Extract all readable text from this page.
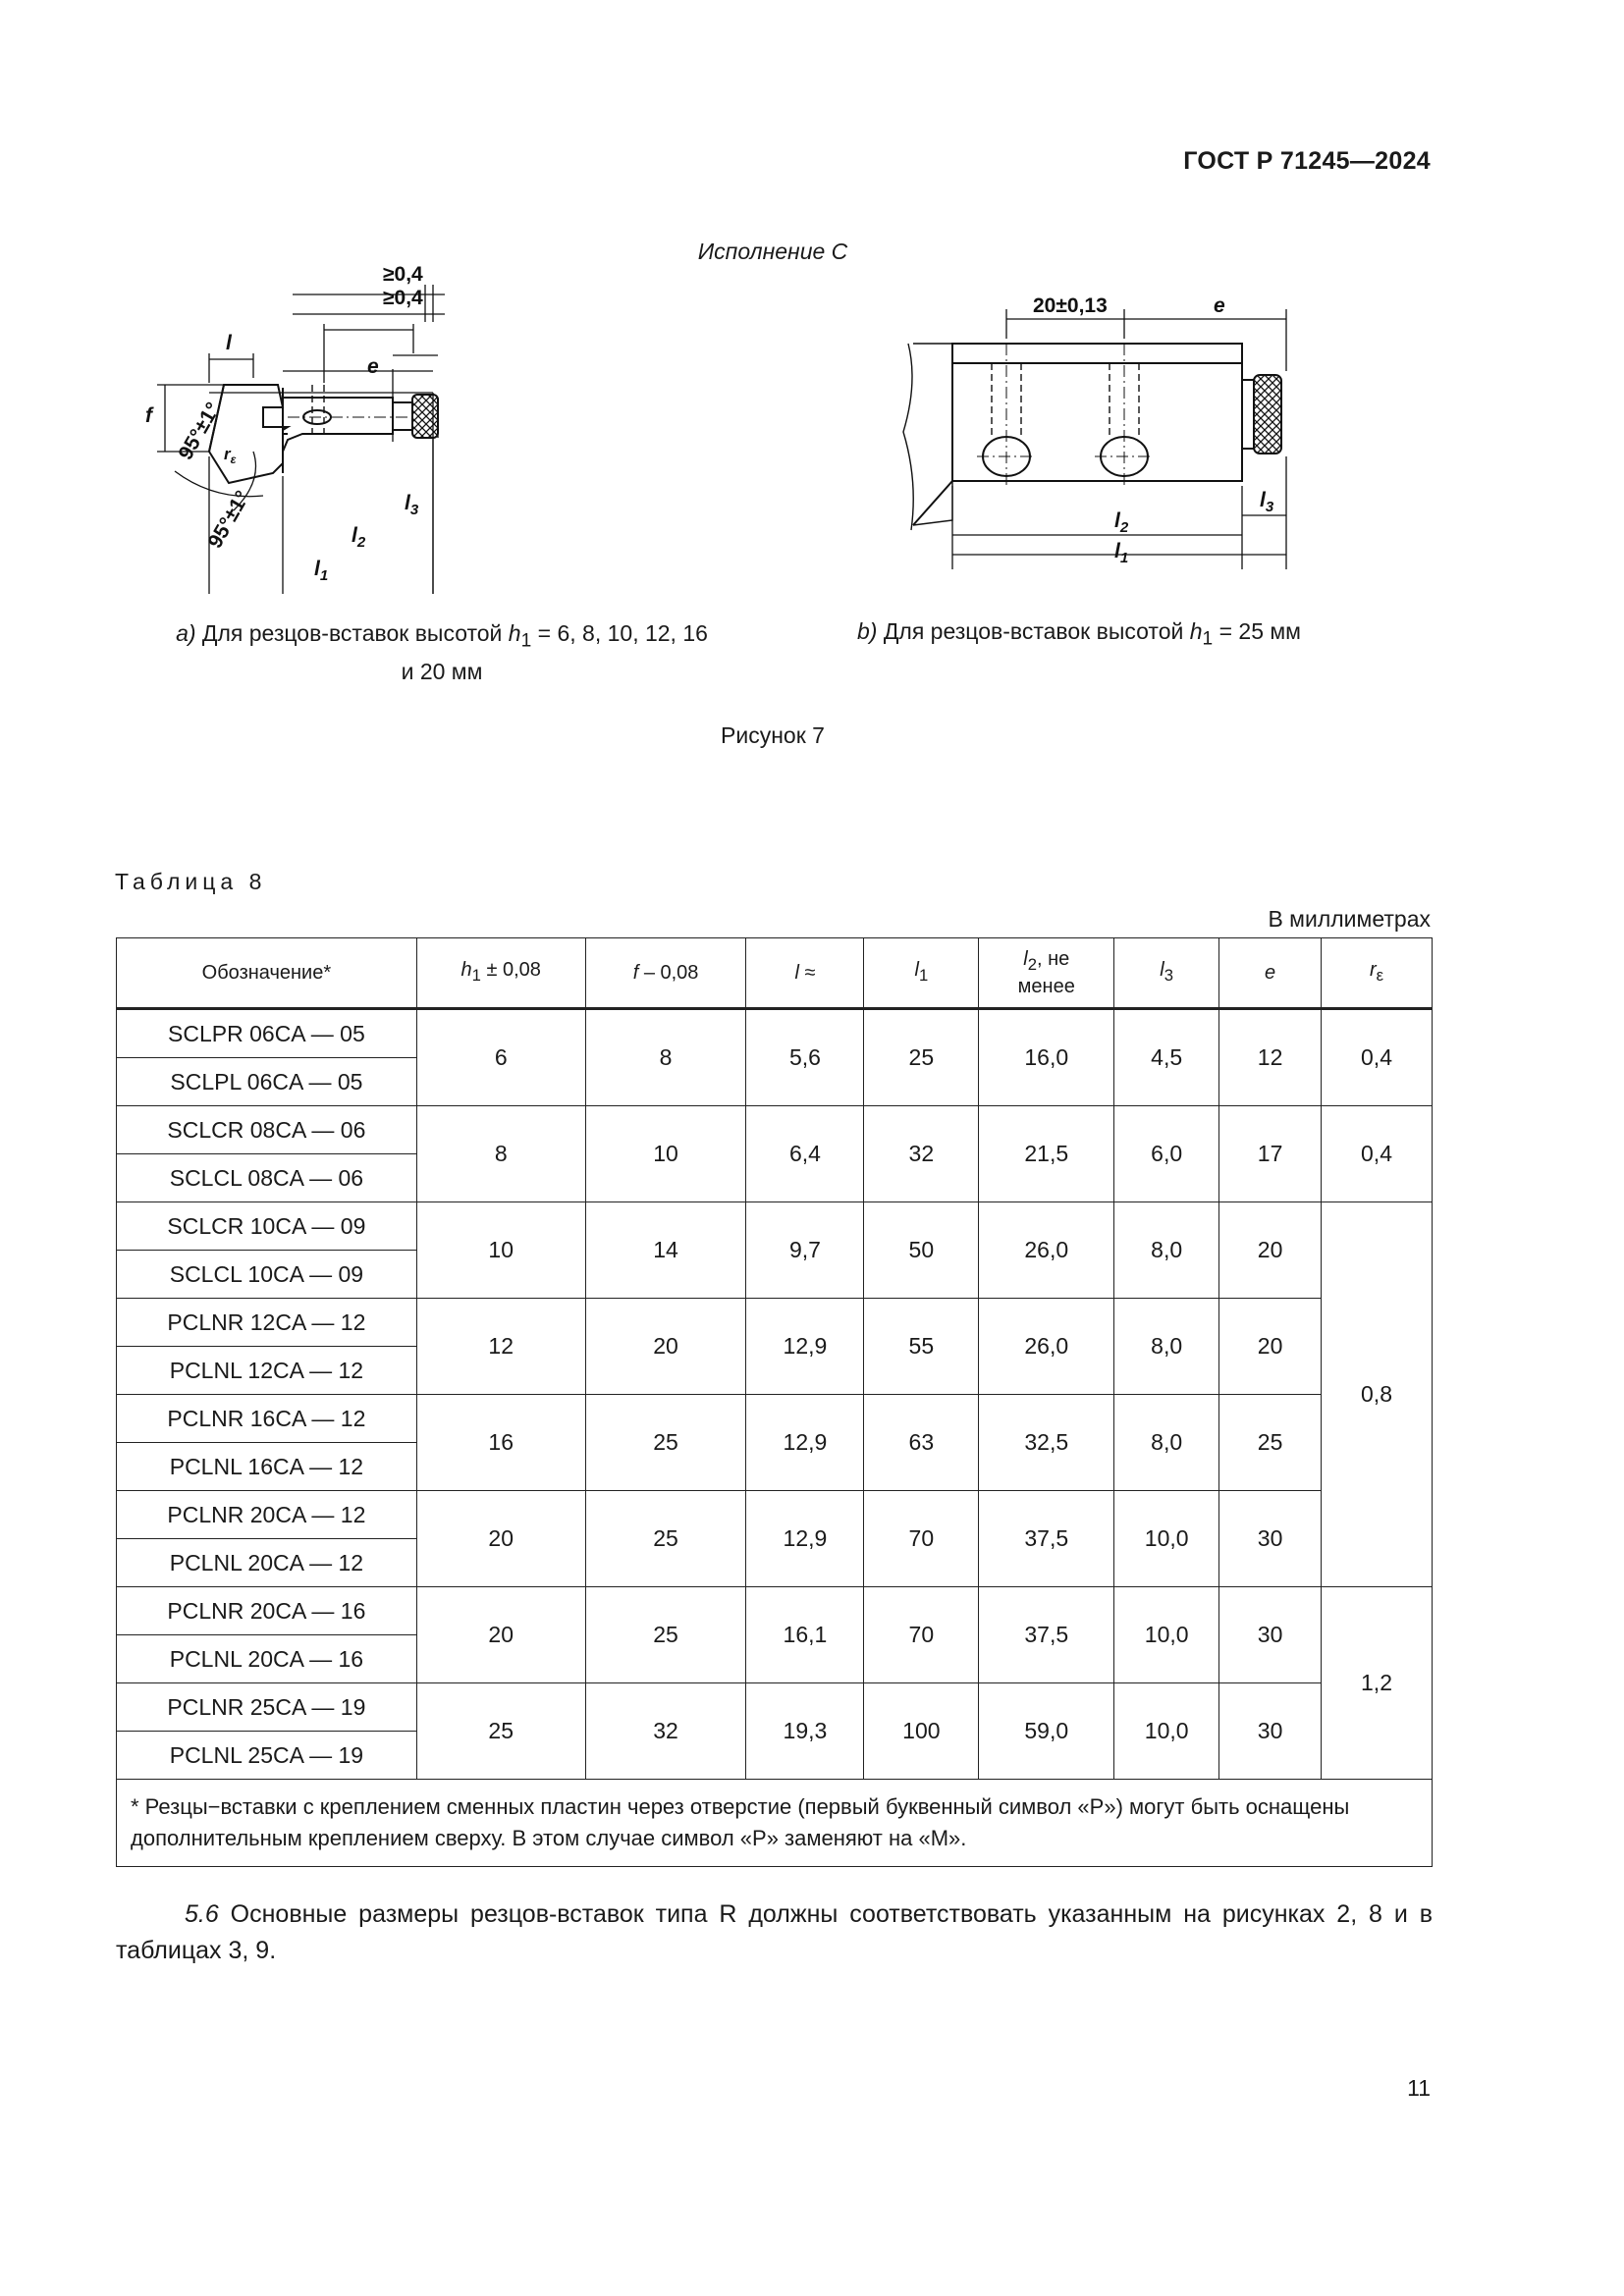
ГОСТ Р 71245—2024
Исполнение С
≥0,4
≥0,4
l
e
f 95°±1°
95°±1°
$r_\varepsilon$
$l_3$
$l_2$
$l_1$
20±0,13	e
$l_3$
$l_2$
$l_1$
a) Для резцов-вставок высотой $h_1 = 6$, 8, 10, 12, 16
и 20 мм
b) Для резцов-вставок высотой $h_1 = 25$ мм
Рисунок 7
Таблица 8
В миллиметрах
Обозначение*	$h_1 \pm 0,08$	f – 0,08	l ≈	$l_1$	$l_2$, не
менее	$l_3$	e	$r_\varepsilon$
SCLPR 06CA — 05	6	8	5,6	25	16,0	4,5	12	0,4
SCLPL 06CA — 05								
SCLCR 08CA — 06	8	10	6,4	32	21,5	6,0	17	0,4
SCLCL 08CA — 06								
SCLCR 10CA — 09	10	14	9,7	50	26,0	8,0	20	0,8
SCLCL 10CA — 09								
PCLNR 12CA — 12	12	20	12,9	55	26,0	8,0	20	
PCLNL 12CA — 12								
PCLNR 16CA — 12	16	25	12,9	63	32,5	8,0	25	
PCLNL 16CA — 12								
PCLNR 20CA — 12	20	25	12,9	70	37,5	10,0	30	
PCLNL 20CA — 12								
PCLNR 20CA — 16	20	25	16,1	70	37,5	10,0	30	1,2
PCLNL 20CA — 16								
PCLNR 25CA — 19	25	32	19,3	100	59,0	10,0	30	
PCLNL 25CA — 19								
* Резцы−вставки с креплением сменных пластин через отверстие (первый буквенный символ «P») могут быть оснащены дополнительным креплением сверху. В этом случае символ «P» заменяют на «M».								
5.6 Основные размеры резцов-вставок типа R должны соответствовать указанным на рисунках 2, 8 и в таблицах 3, 9.
11
